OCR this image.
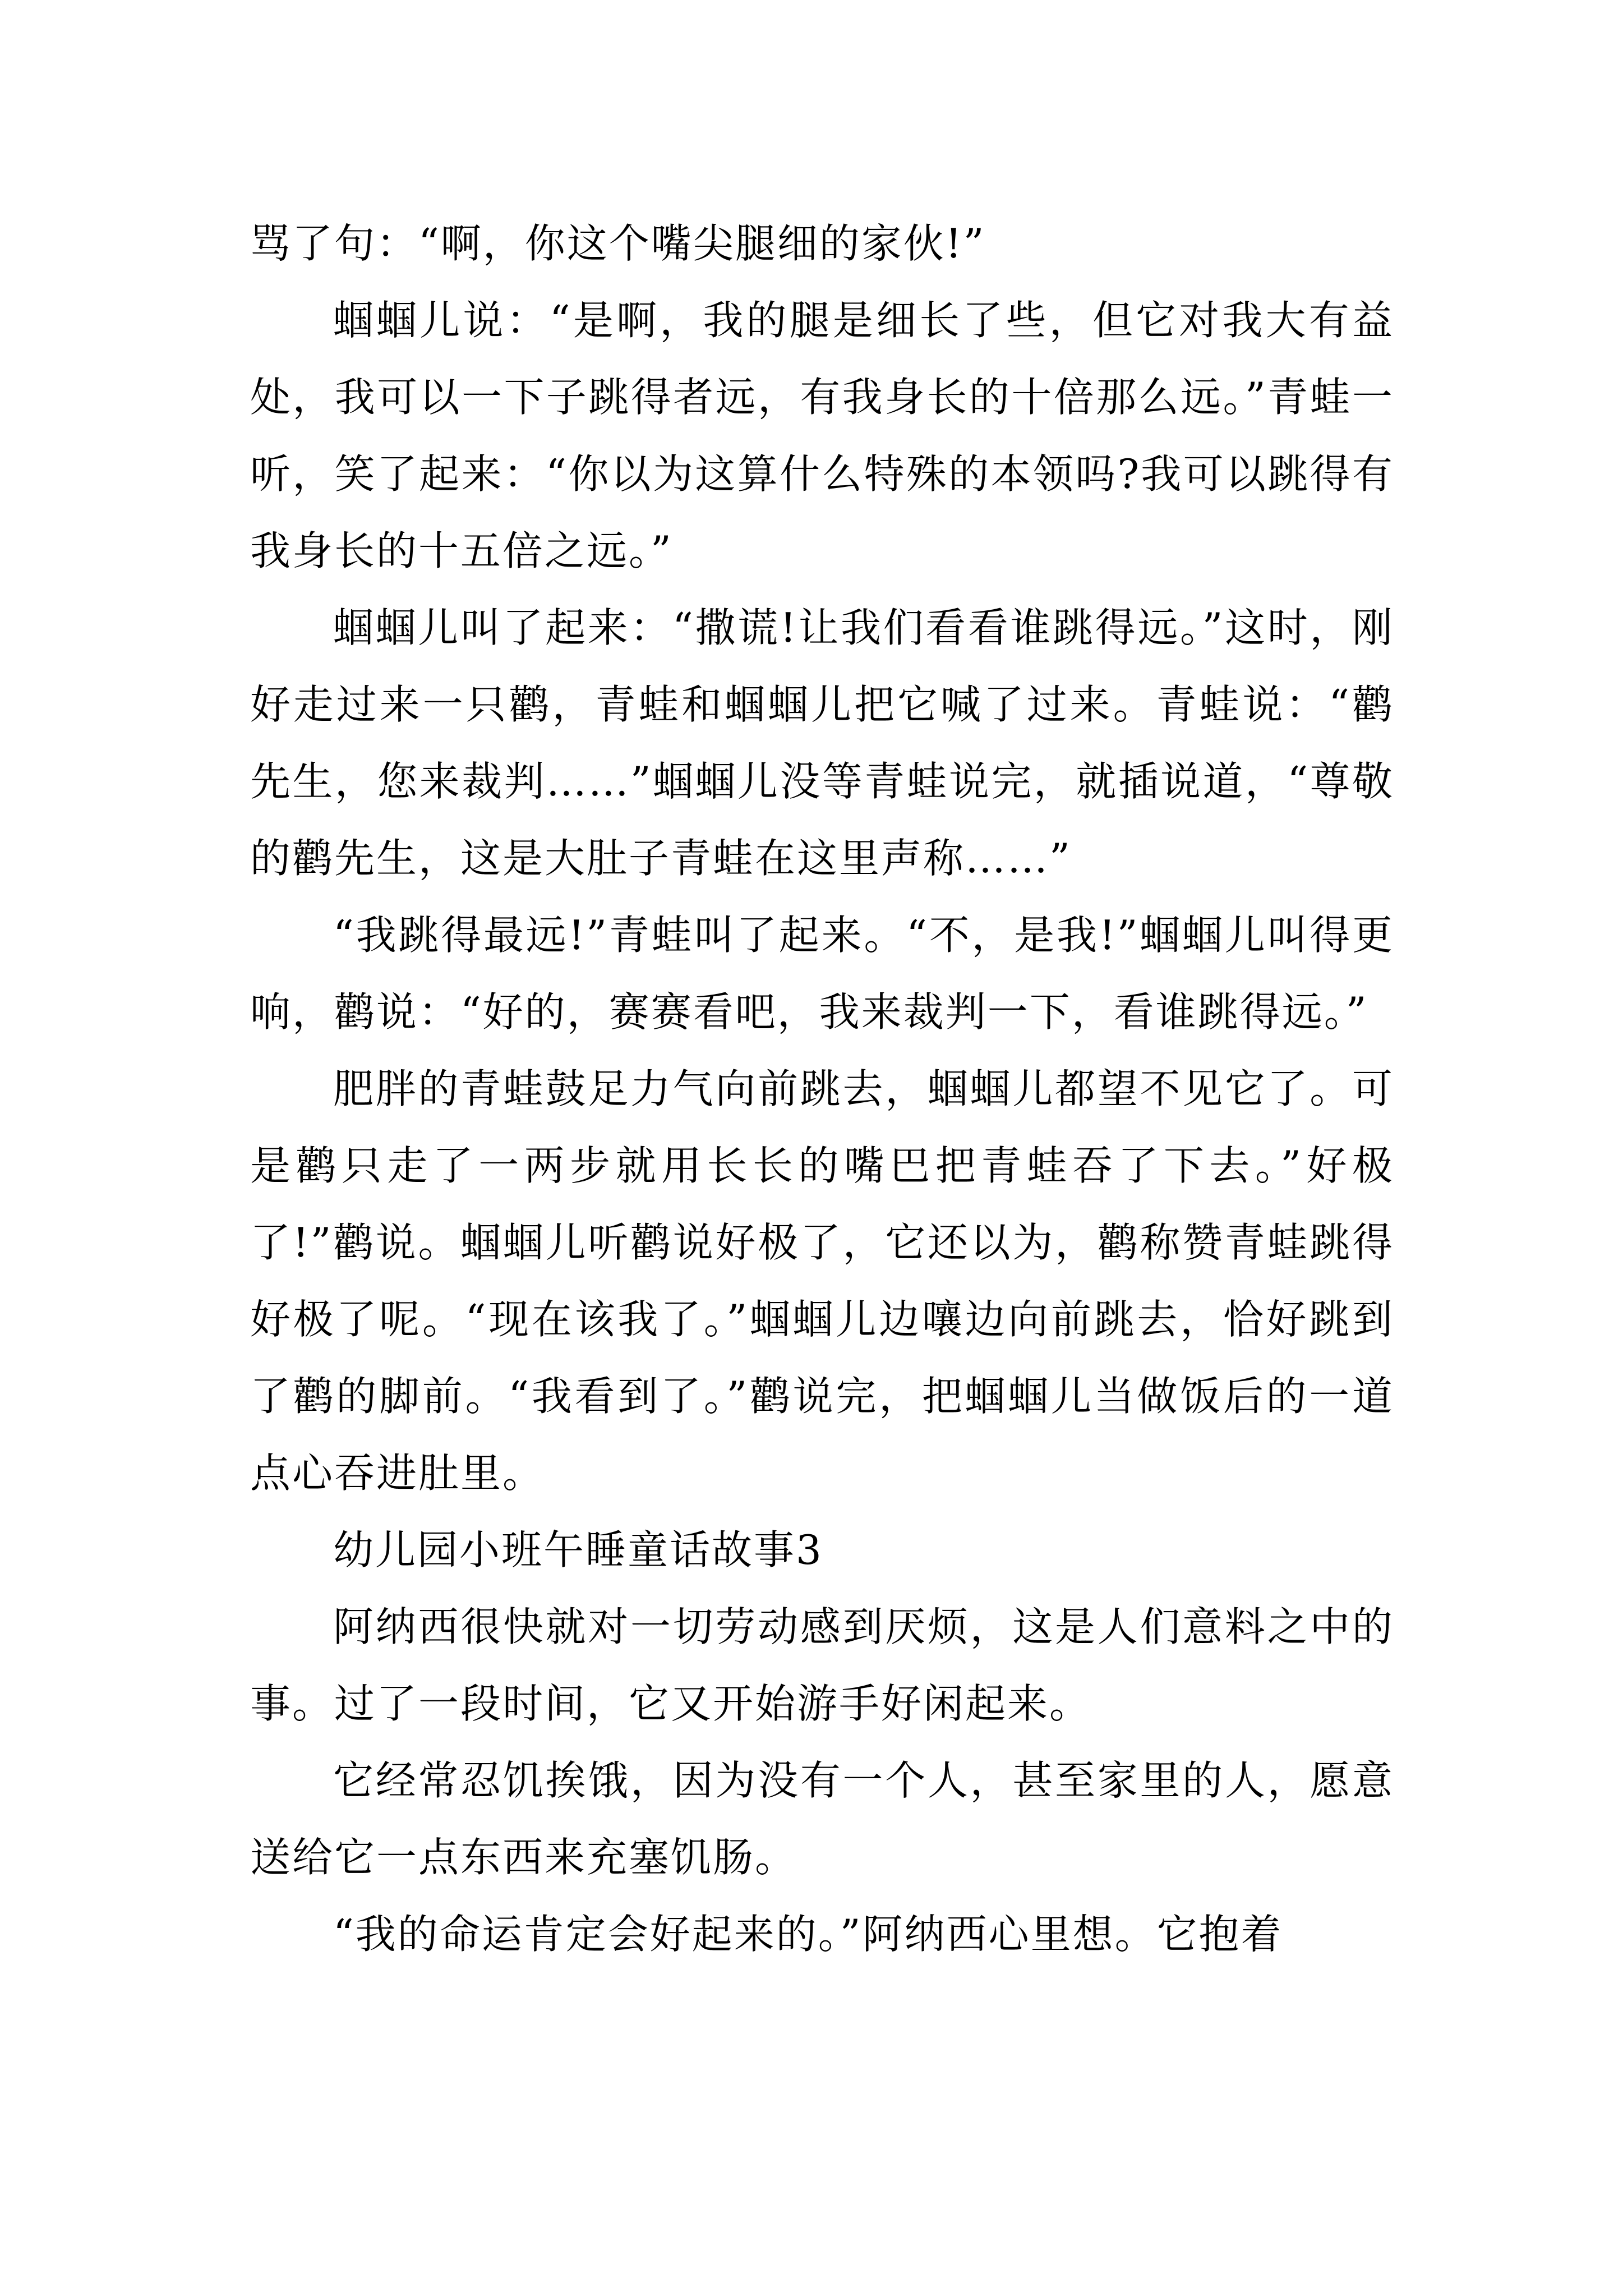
骂了句：“啊，你这个嘴尖腿细的家伙!”

蝈蝈儿说：“是啊，我的腿是细长了些，但它对我大有益处，我可以一下子跳得者远，有我身长的十倍那么远。”青蛙一听，笑了起来：“你以为这算什么特殊的本领吗?我可以跳得有我身长的十五倍之远。”

蝈蝈儿叫了起来：“撒谎!让我们看看谁跳得远。”这时，刚好走过来一只鹳，青蛙和蝈蝈儿把它喊了过来。青蛙说：“鹳先生，您来裁判……”蝈蝈儿没等青蛙说完，就插说道，“尊敬的鹳先生，这是大肚子青蛙在这里声称……”

“我跳得最远!”青蛙叫了起来。“不，是我!”蝈蝈儿叫得更响，鹳说：“好的，赛赛看吧，我来裁判一下，看谁跳得远。”

肥胖的青蛙鼓足力气向前跳去，蝈蝈儿都望不见它了。可是鹳只走了一两步就用长长的嘴巴把青蛙吞了下去。”好极了!”鹳说。蝈蝈儿听鹳说好极了，它还以为，鹳称赞青蛙跳得好极了呢。“现在该我了。”蝈蝈儿边嚷边向前跳去，恰好跳到了鹳的脚前。“我看到了。”鹳说完，把蝈蝈儿当做饭后的一道点心吞进肚里。

幼儿园小班午睡童话故事3

阿纳西很快就对一切劳动感到厌烦，这是人们意料之中的事。过了一段时间，它又开始游手好闲起来。

它经常忍饥挨饿，因为没有一个人，甚至家里的人，愿意送给它一点东西来充塞饥肠。

“我的命运肯定会好起来的。”阿纳西心里想。它抱着
